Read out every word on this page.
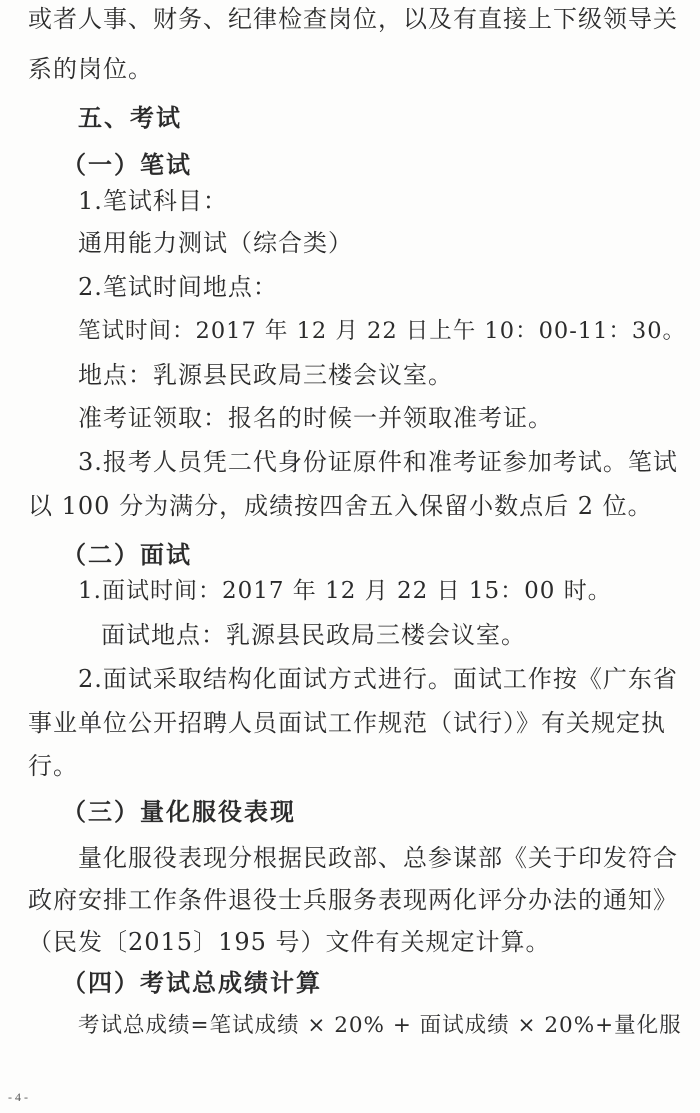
或者人事、财务、纪律检查岗位，以及有直接上下级领导关
系的岗位。
五、考试
（一）笔试
1.笔试科目：
通用能力测试（综合类）
2.笔试时间地点：
笔试时间：2017 年 12 月 22 日上午 10：00-11：30。
地点：乳源县民政局三楼会议室。
准考证领取：报名的时候一并领取准考证。
3.报考人员凭二代身份证原件和准考证参加考试。笔试
以 100 分为满分，成绩按四舍五入保留小数点后 2 位。
（二）面试
1.面试时间：2017 年 12 月 22 日 15：00 时。
面试地点：乳源县民政局三楼会议室。
2.面试采取结构化面试方式进行。面试工作按《广东省
事业单位公开招聘人员面试工作规范（试行）》有关规定执
行。
（三）量化服役表现
量化服役表现分根据民政部、总参谋部《关于印发符合
政府安排工作条件退役士兵服务表现两化评分办法的通知》
（民发〔2015〕195 号）文件有关规定计算。
（四）考试总成绩计算
考试总成绩=笔试成绩 × 20% + 面试成绩 × 20%+量化服
- 4 -
